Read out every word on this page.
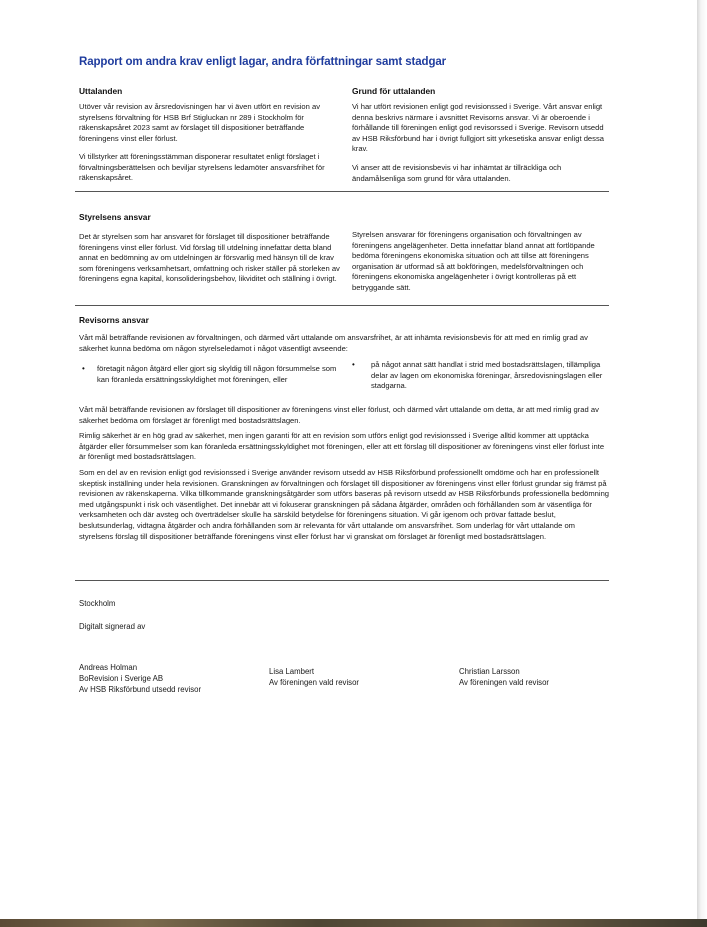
Rapport om andra krav enligt lagar, andra författningar samt stadgar
Uttalanden

Utöver vår revision av årsredovisningen har vi även utfört en revision av styrelsens förvaltning för HSB Brf Stigluckan nr 289 i Stockholm för räkenskapsåret 2023 samt av förslaget till dispositioner beträffande föreningens vinst eller förlust.

Vi tillstyrker att föreningsstämman disponerar resultatet enligt förslaget i förvaltningsberättelsen och beviljar styrelsens ledamöter ansvarsfrihet för räkenskapsåret.

Grund för uttalanden

Vi har utfört revisionen enligt god revisionssed i Sverige. Vårt ansvar enligt denna beskrivs närmare i avsnittet Revisorns ansvar. Vi är oberoende i förhållande till föreningen enligt god revisorssed i Sverige. Revisorn utsedd av HSB Riksförbund har i övrigt fullgjort sitt yrkesetiska ansvar enligt dessa krav.

Vi anser att de revisionsbevis vi har inhämtat är tillräckliga och ändamålsenliga som grund för våra uttalanden.

Styrelsens ansvar

Det är styrelsen som har ansvaret för förslaget till dispositioner beträffande föreningens vinst eller förlust. Vid förslag till utdelning innefattar detta bland annat en bedömning av om utdelningen är försvarlig med hänsyn till de krav som föreningens verksamhetsart, omfattning och risker ställer på storleken av föreningens egna kapital, konsolideringsbehov, likviditet och ställning i övrigt.

Styrelsen ansvarar för föreningens organisation och förvaltningen av föreningens angelägenheter. Detta innefattar bland annat att fortlöpande bedöma föreningens ekonomiska situation och att tillse att föreningens organisation är utformad så att bokföringen, medelsförvaltningen och föreningens ekonomiska angelägenheter i övrigt kontrolleras på ett betryggande sätt.

Revisorns ansvar

Vårt mål beträffande revisionen av förvaltningen, och därmed vårt uttalande om ansvarsfrihet, är att inhämta revisionsbevis för att med en rimlig grad av säkerhet kunna bedöma om någon styrelseledamot i något väsentligt avseende:

• företagit någon åtgärd eller gjort sig skyldig till någon försummelse som kan föranleda ersättningsskyldighet mot föreningen, eller

• på något annat sätt handlat i strid med bostadsrättslagen, tillämpliga delar av lagen om ekonomiska föreningar, årsredovisningslagen eller stadgarna.

Vårt mål beträffande revisionen av förslaget till dispositioner av föreningens vinst eller förlust, och därmed vårt uttalande om detta, är att med rimlig grad av säkerhet bedöma om förslaget är förenligt med bostadsrättslagen.

Rimlig säkerhet är en hög grad av säkerhet, men ingen garanti för att en revision som utförs enligt god revisionssed i Sverige alltid kommer att upptäcka åtgärder eller försummelser som kan föranleda ersättningsskyldighet mot föreningen, eller att ett förslag till dispositioner av föreningens vinst eller förlust inte är förenligt med bostadsrättslagen.

Som en del av en revision enligt god revisionssed i Sverige använder revisorn utsedd av HSB Riksförbund professionellt omdöme och har en professionellt skeptisk inställning under hela revisionen. Granskningen av förvaltningen och förslaget till dispositioner av föreningens vinst eller förlust grundar sig främst på revisionen av räkenskaperna. Vilka tillkommande granskningsåtgärder som utförs baseras på revisorn utsedd av HSB Riksförbunds professionella bedömning med utgångspunkt i risk och väsentlighet. Det innebär att vi fokuserar granskningen på sådana åtgärder, områden och förhållanden som är väsentliga för verksamheten och där avsteg och överträdelser skulle ha särskild betydelse för föreningens situation. Vi går igenom och prövar fattade beslut, beslutsunderlag, vidtagna åtgärder och andra förhållanden som är relevanta för vårt uttalande om ansvarsfrihet. Som underlag för vårt uttalande om styrelsens förslag till dispositioner beträffande föreningens vinst eller förlust har vi granskat om förslaget är förenligt med bostadsrättslagen.

Stockholm
Digitalt signerad av
Andreas Holman
BoRevision i Sverige AB
Av HSB Riksförbund utsedd revisor
Lisa Lambert
Av föreningen vald revisor
Christian Larsson
Av föreningen vald revisor
